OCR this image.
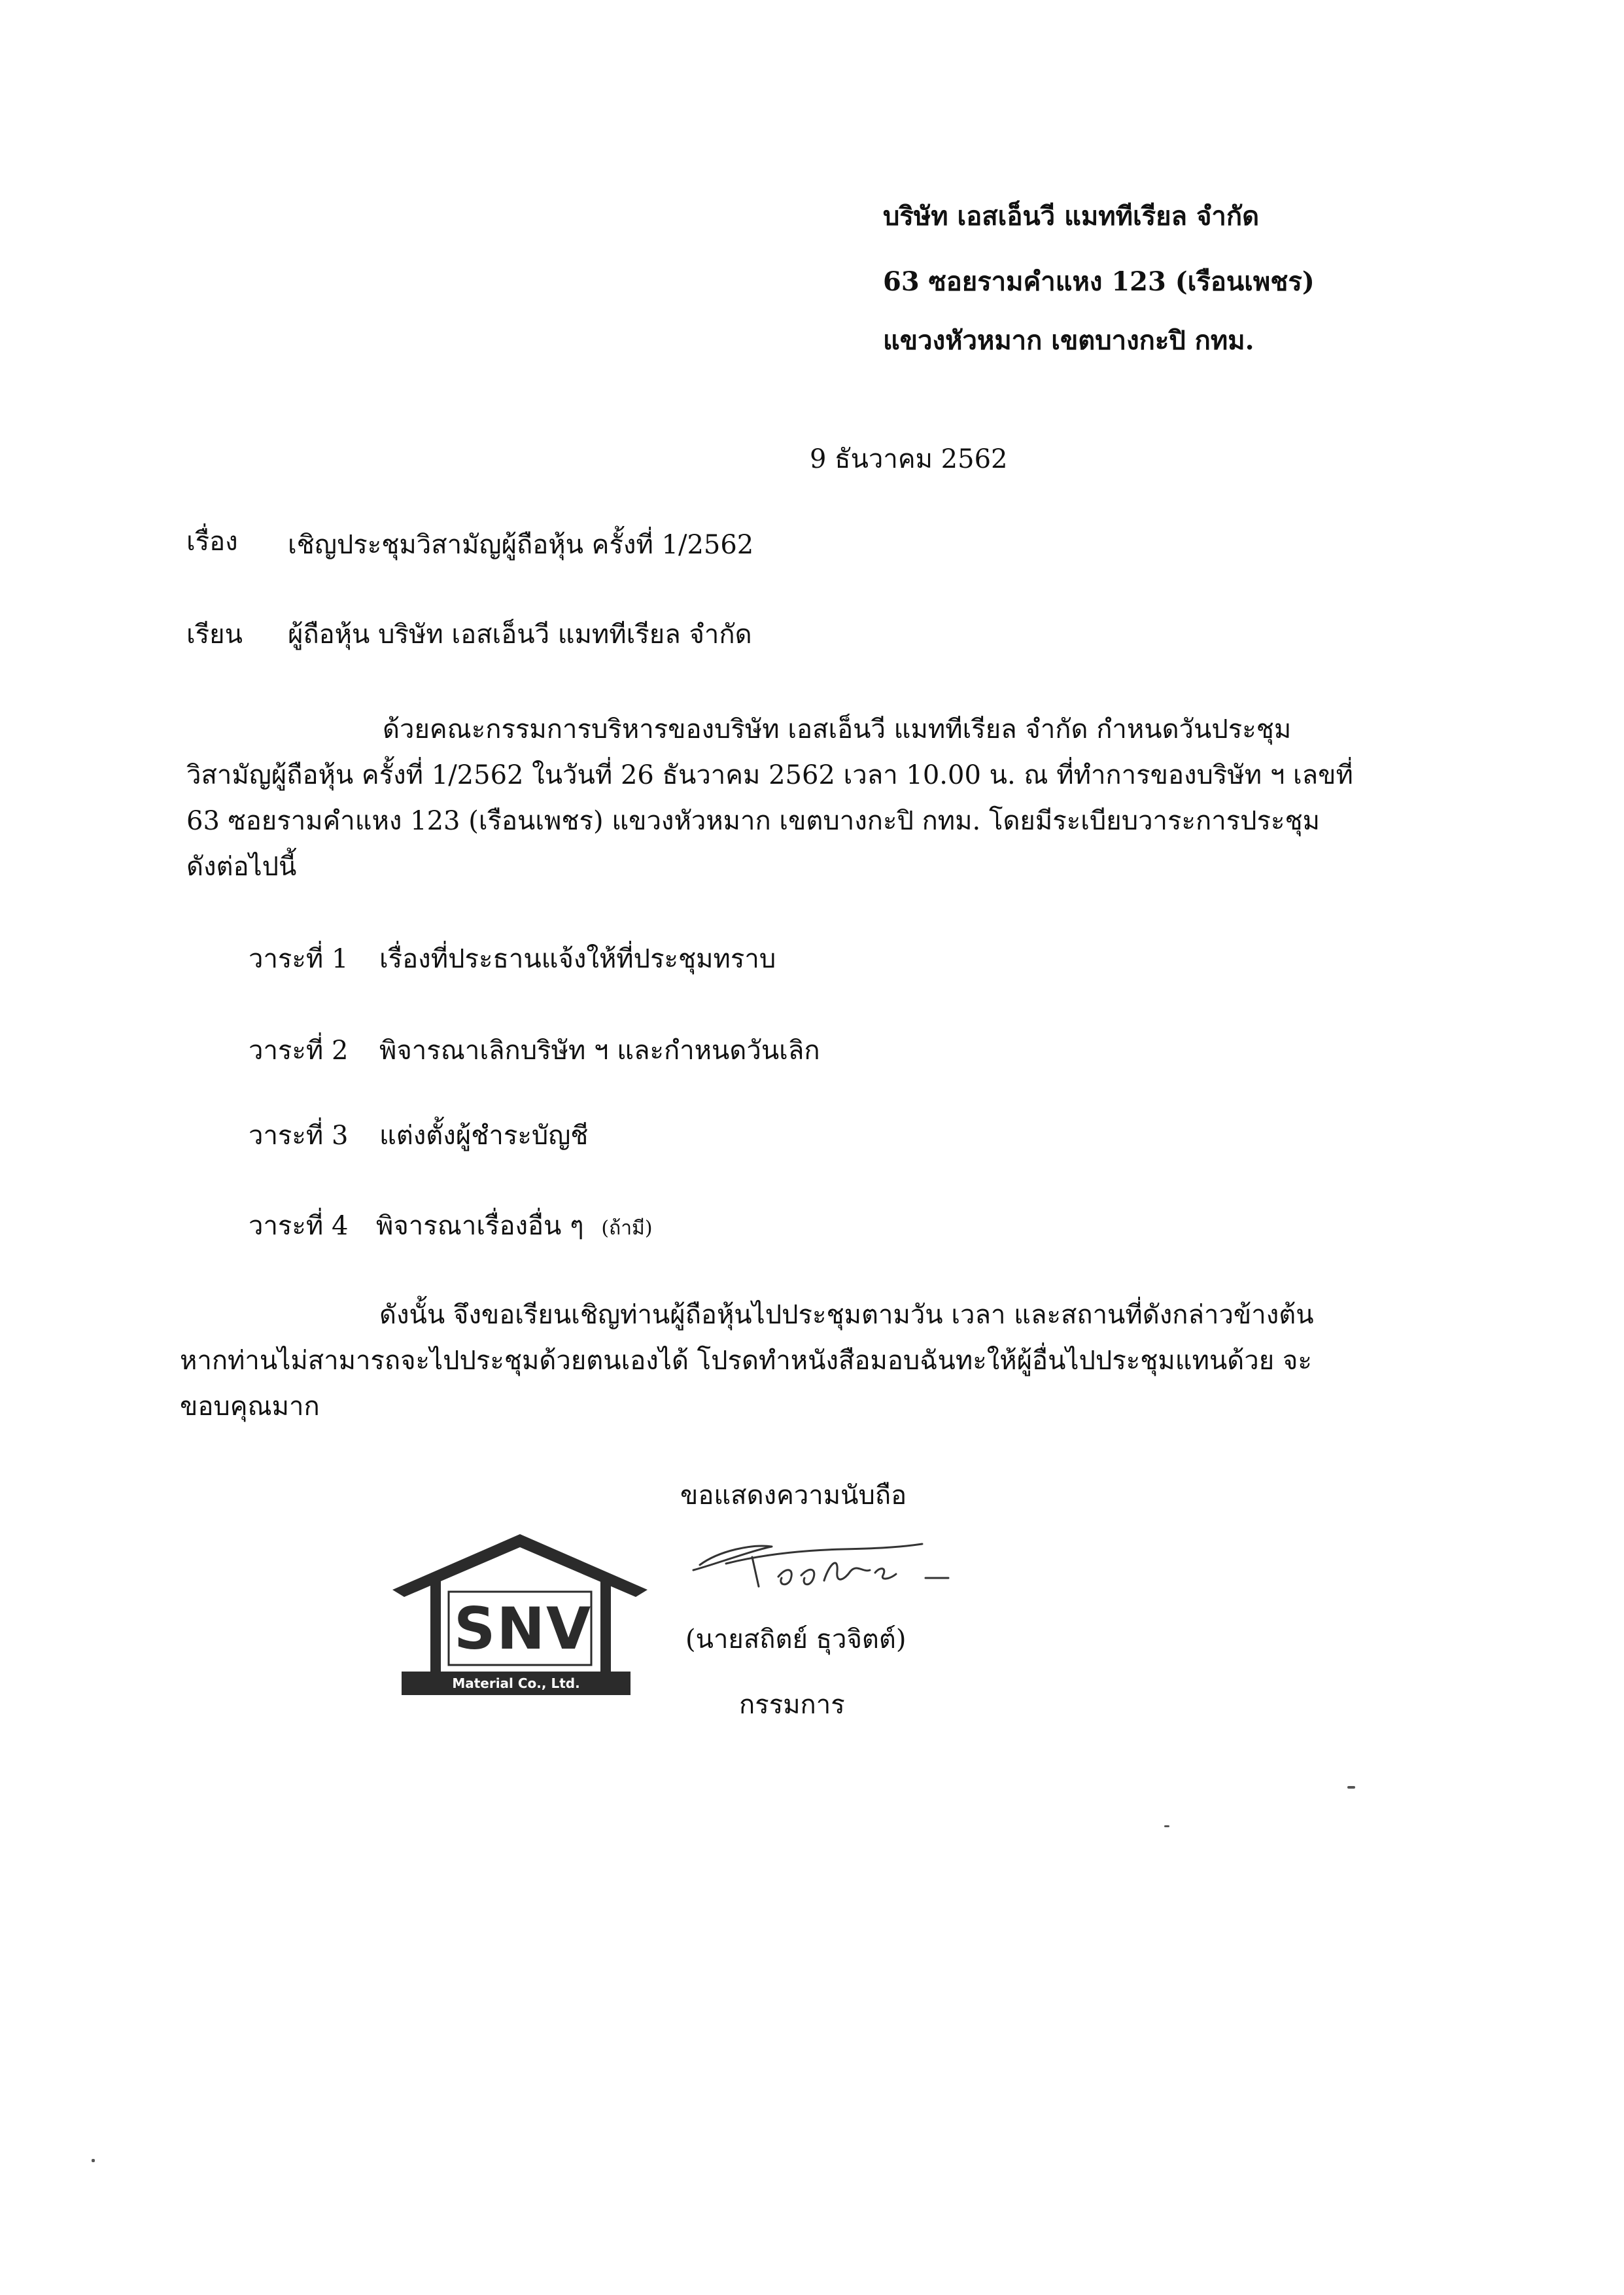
บริษัท เอสเอ็นวี แมททีเรียล จำกัด
63 ซอยรามคำแหง 123 (เรือนเพชร)
แขวงหัวหมาก เขตบางกะปิ กทม.
9 ธันวาคม 2562
เรื่อง เชิญประชุมวิสามัญผู้ถือหุ้น ครั้งที่ 1/2562
เรียน ผู้ถือหุ้น บริษัท เอสเอ็นวี แมททีเรียล จำกัด
ด้วยคณะกรรมการบริหารของบริษัท เอสเอ็นวี แมททีเรียล จำกัด กำหนดวันประชุม
วิสามัญผู้ถือหุ้น ครั้งที่ 1/2562 ในวันที่ 26 ธันวาคม 2562 เวลา 10.00 น. ณ ที่ทำการของบริษัท ฯ เลขที่
63 ซอยรามคำแหง 123 (เรือนเพชร) แขวงหัวหมาก เขตบางกะปิ กทม. โดยมีระเบียบวาระการประชุม
ดังต่อไปนี้
วาระที่ 1 เรื่องที่ประธานแจ้งให้ที่ประชุมทราบ
วาระที่ 2 พิจารณาเลิกบริษัท ฯ และกำหนดวันเลิก
วาระที่ 3 แต่งตั้งผู้ชำระบัญชี
วาระที่ 4 พิจารณาเรื่องอื่น ๆ (ถ้ามี)
ดังนั้น จึงขอเรียนเชิญท่านผู้ถือหุ้นไปประชุมตามวัน เวลา และสถานที่ดังกล่าวข้างต้น
หากท่านไม่สามารถจะไปประชุมด้วยตนเองได้ โปรดทำหนังสือมอบฉันทะให้ผู้อื่นไปประชุมแทนด้วย จะ
ขอบคุณมาก
ขอแสดงความนับถือ
SNV
Material Co., Ltd.
(นายสถิตย์ ธุวจิตต์)
กรรมการ
